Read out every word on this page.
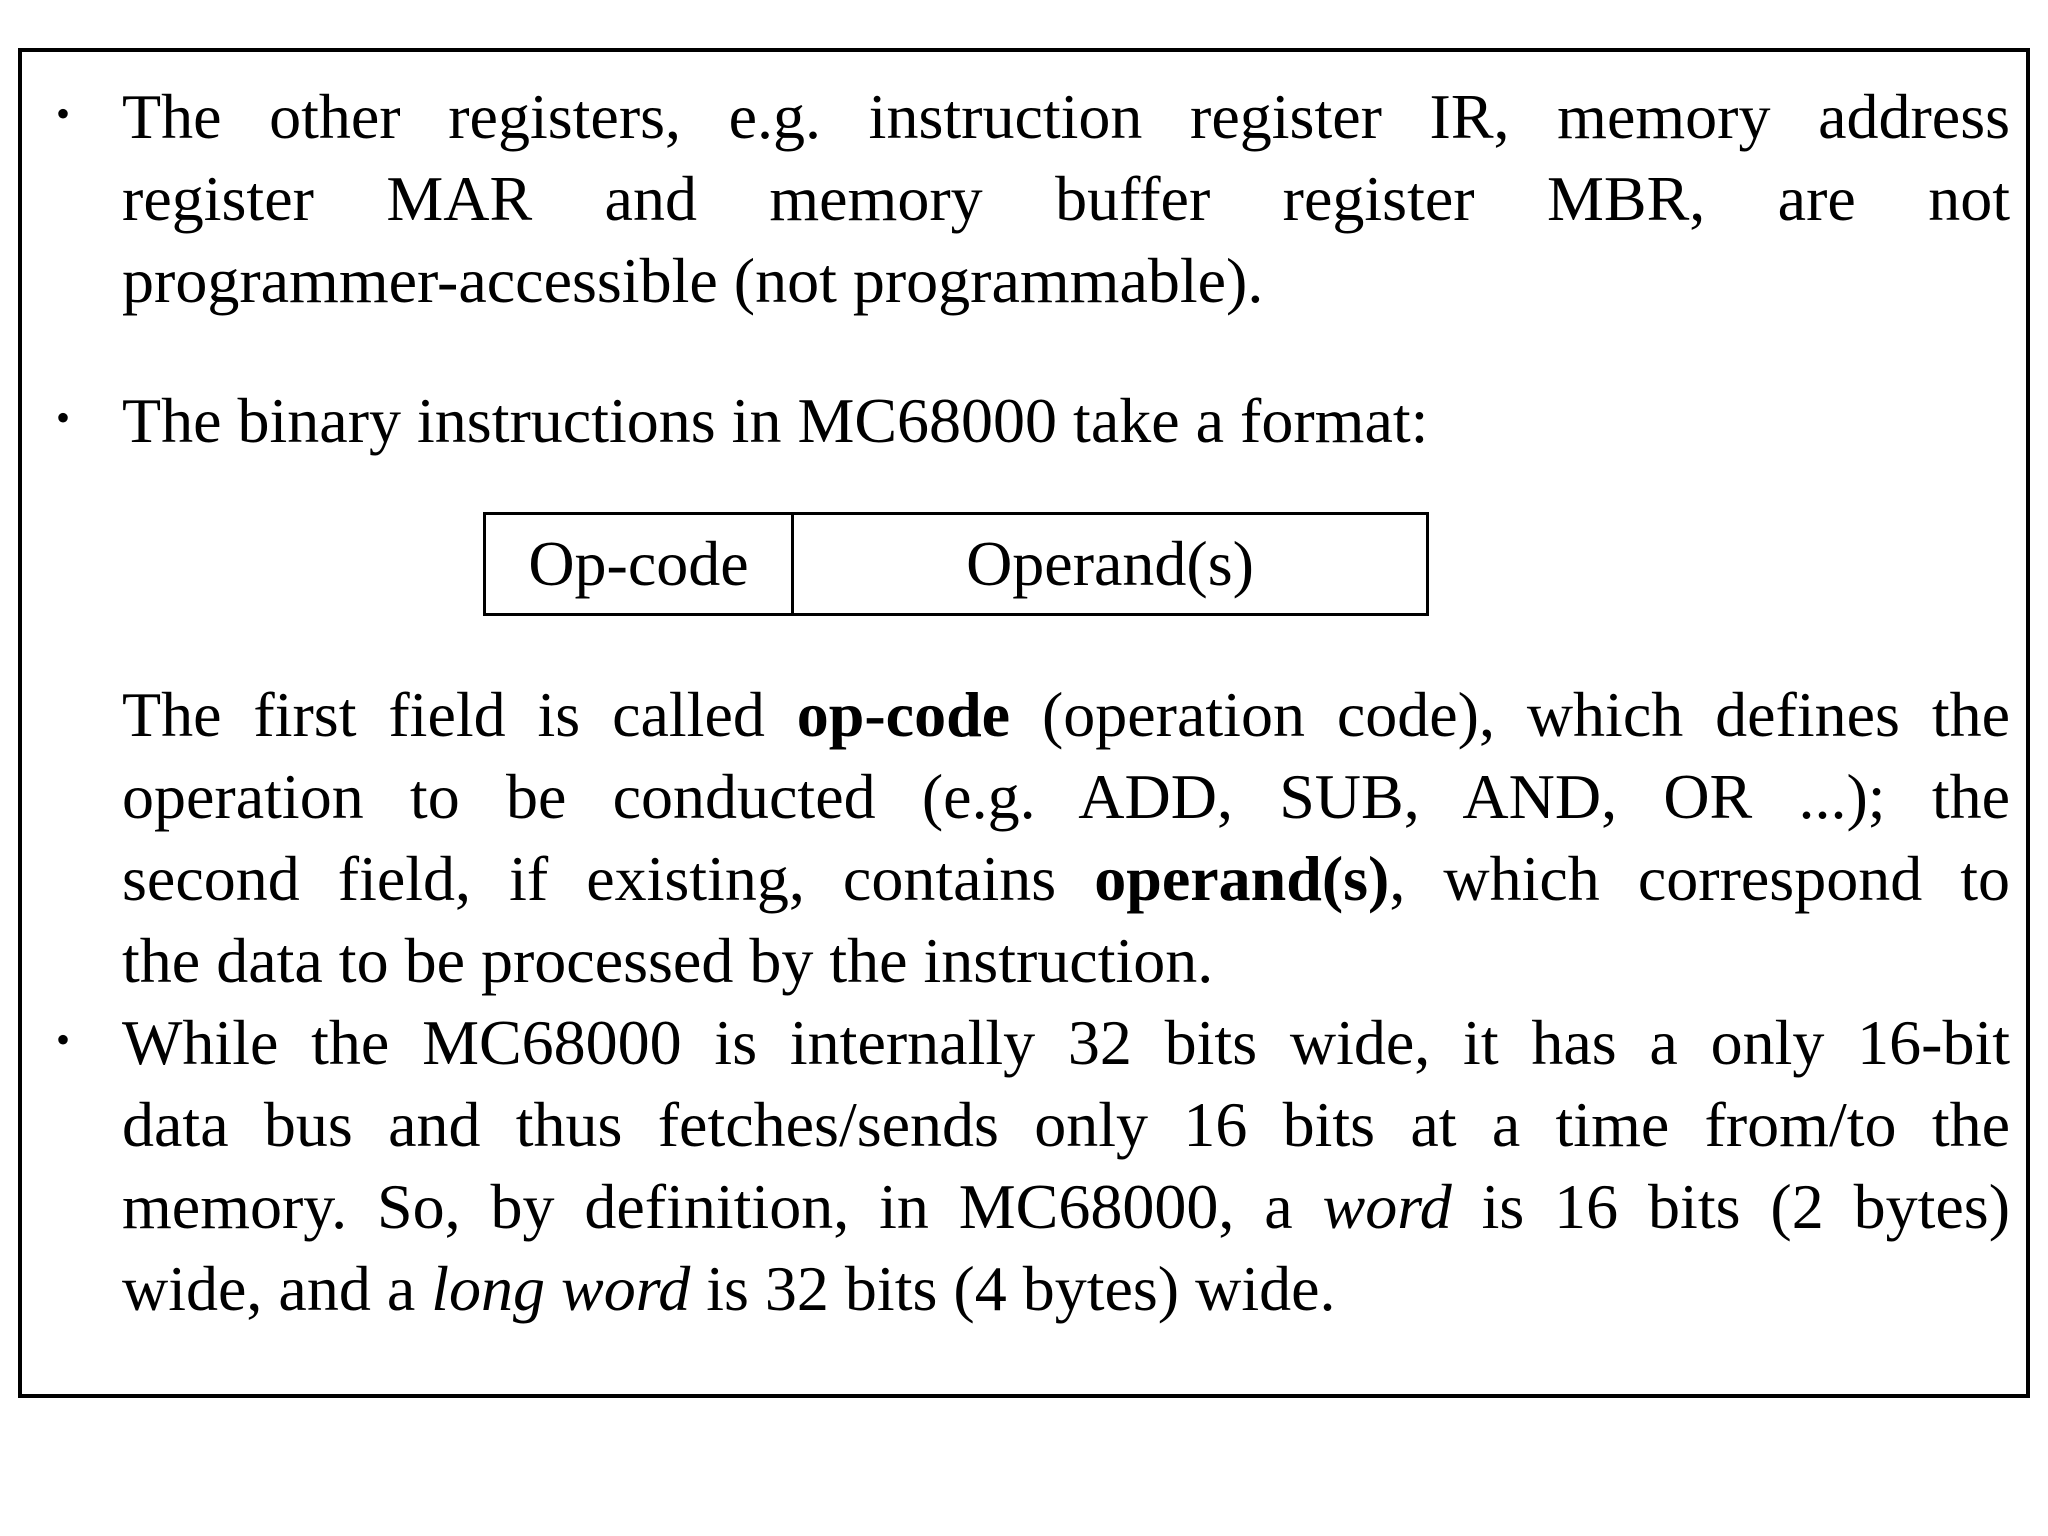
• The other registers, e.g. instruction register IR, memory address
register MAR and memory buffer register MBR, are not
programmer-accessible (not programmable).
• The binary instructions in MC68000 take a format:

Op-code	Operand(s)
The first field is called op-code (operation code), which defines the
operation to be conducted (e.g. ADD, SUB, AND, OR ...); the
second field, if existing, contains operand(s), which correspond to
the data to be processed by the instruction.
• While the MC68000 is internally 32 bits wide, it has a only 16-bit
data bus and thus fetches/sends only 16 bits at a time from/to the
memory. So, by definition, in MC68000, a word is 16 bits (2 bytes)
wide, and a long word is 32 bits (4 bytes) wide.
